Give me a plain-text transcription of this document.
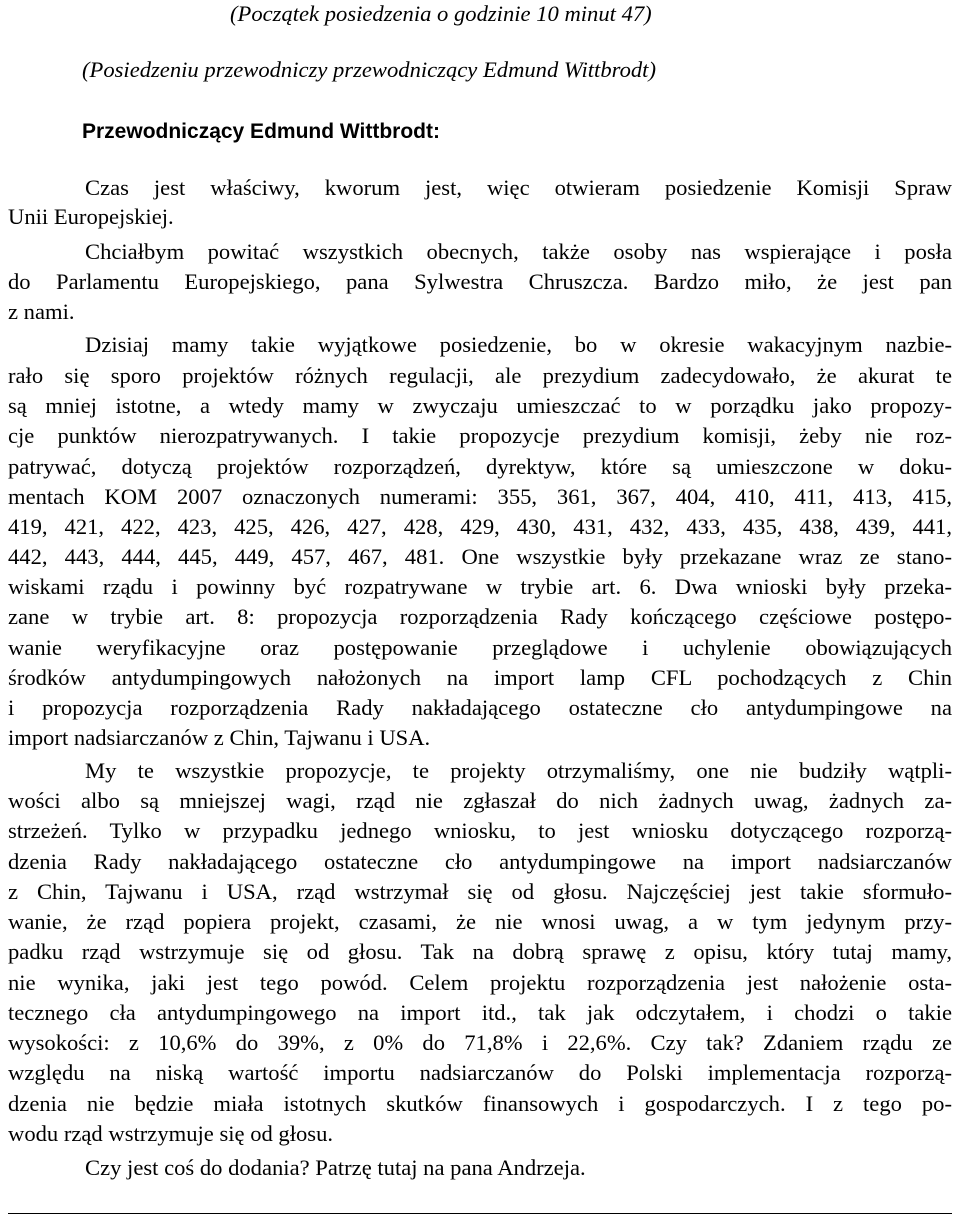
(Początek posiedzenia o godzinie 10 minut 47)

(Posiedzeniu przewodniczy przewodniczący Edmund Wittbrodt)

Przewodniczący Edmund Wittbrodt:

Czas jest właściwy, kworum jest, więc otwieram posiedzenie Komisji Spraw

Unii Europejskiej.

Chciałbym powitać wszystkich obecnych, także osoby nas wspierające i posła

do Parlamentu Europejskiego, pana Sylwestra Chruszcza. Bardzo miło, że jest pan

z nami.

Dzisiaj mamy takie wyjątkowe posiedzenie, bo w okresie wakacyjnym nazbie-

rało się sporo projektów różnych regulacji, ale prezydium zadecydowało, że akurat te

są mniej istotne, a wtedy mamy w zwyczaju umieszczać to w porządku jako propozy-

cje punktów nierozpatrywanych. I takie propozycje prezydium komisji, żeby nie roz-

patrywać, dotyczą projektów rozporządzeń, dyrektyw, które są umieszczone w doku-

mentach KOM 2007 oznaczonych numerami: 355, 361, 367, 404, 410, 411, 413, 415,

419, 421, 422, 423, 425, 426, 427, 428, 429, 430, 431, 432, 433, 435, 438, 439, 441,

442, 443, 444, 445, 449, 457, 467, 481. One wszystkie były przekazane wraz ze stano-

wiskami rządu i powinny być rozpatrywane w trybie art. 6. Dwa wnioski były przeka-

zane w trybie art. 8: propozycja rozporządzenia Rady kończącego częściowe postępo-

wanie weryfikacyjne oraz postępowanie przeglądowe i uchylenie obowiązujących

środków antydumpingowych nałożonych na import lamp CFL pochodzących z Chin

i propozycja rozporządzenia Rady nakładającego ostateczne cło antydumpingowe na

import nadsiarczanów z Chin, Tajwanu i USA.

My te wszystkie propozycje, te projekty otrzymaliśmy, one nie budziły wątpli-

wości albo są mniejszej wagi, rząd nie zgłaszał do nich żadnych uwag, żadnych za-

strzeżeń. Tylko w przypadku jednego wniosku, to jest wniosku dotyczącego rozporzą-

dzenia Rady nakładającego ostateczne cło antydumpingowe na import nadsiarczanów

z Chin, Tajwanu i USA, rząd wstrzymał się od głosu. Najczęściej jest takie sformuło-

wanie, że rząd popiera projekt, czasami, że nie wnosi uwag, a w tym jedynym przy-

padku rząd wstrzymuje się od głosu. Tak na dobrą sprawę z opisu, który tutaj mamy,

nie wynika, jaki jest tego powód. Celem projektu rozporządzenia jest nałożenie osta-

tecznego cła antydumpingowego na import itd., tak jak odczytałem, i chodzi o takie

wysokości: z 10,6% do 39%, z 0% do 71,8% i 22,6%. Czy tak? Zdaniem rządu ze

względu na niską wartość importu nadsiarczanów do Polski implementacja rozporzą-

dzenia nie będzie miała istotnych skutków finansowych i gospodarczych. I z tego po-

wodu rząd wstrzymuje się od głosu.

Czy jest coś do dodania? Patrzę tutaj na pana Andrzeja.
